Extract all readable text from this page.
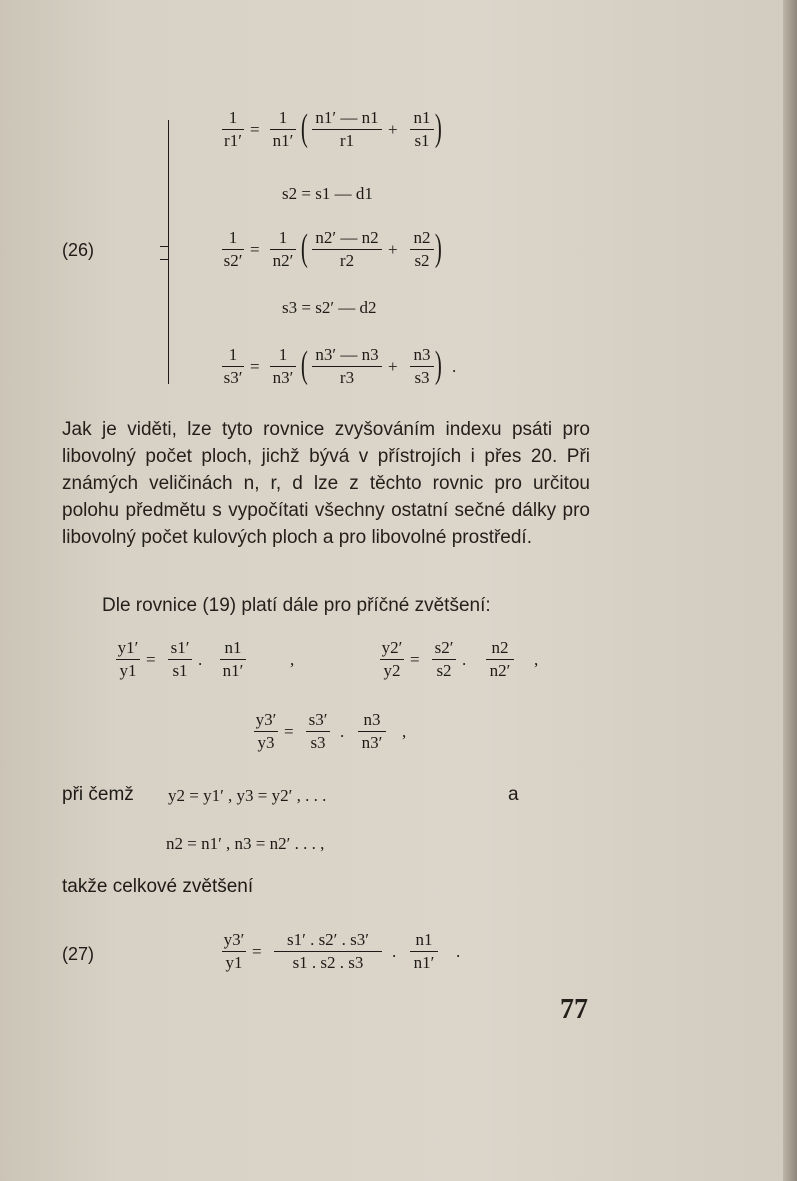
(26)
1
r1′
=
1
n1′ ( n1′ — n1
r1
+
n1
s1 )
s2 = s1 — d1
1
s2′
=
1
n2′ ( n2′ — n2
r2
+
n2
s2 )
s3 = s2′ — d2
1
s3′
=
1
n3′ ( n3′ — n3
r3
+
n3
s3 ) .
Jak je viděti, lze tyto rovnice zvyšováním indexu psáti pro libovolný počet ploch, jichž bývá v přístrojích i přes 20. Při známých veličinách n, r, d lze z těchto rovnic pro určitou polohu předmětu s vypočítati všechny ostatní sečné dálky pro libovolný počet kulových ploch a pro libovolné prostředí.
Dle rovnice (19) platí dále pro příčné zvětšení:
y1′
y1
=
s1′
s1
.
n1
n1′
,
y2′
y2
=
s2′
s2
.
n2
n2′
,
y3′
y3
=
s3′
s3
.
n3
n3′
,
při čemž y2 = y1′ , y3 = y2′ , . . .	a
n2 = n1′ , n3 = n2′ . . . ,
takže celkové zvětšení
(27)
y3′
y1
=
s1′ . s2′ . s3′
s1 . s2 . s3
.
n1
n1′
.
77
